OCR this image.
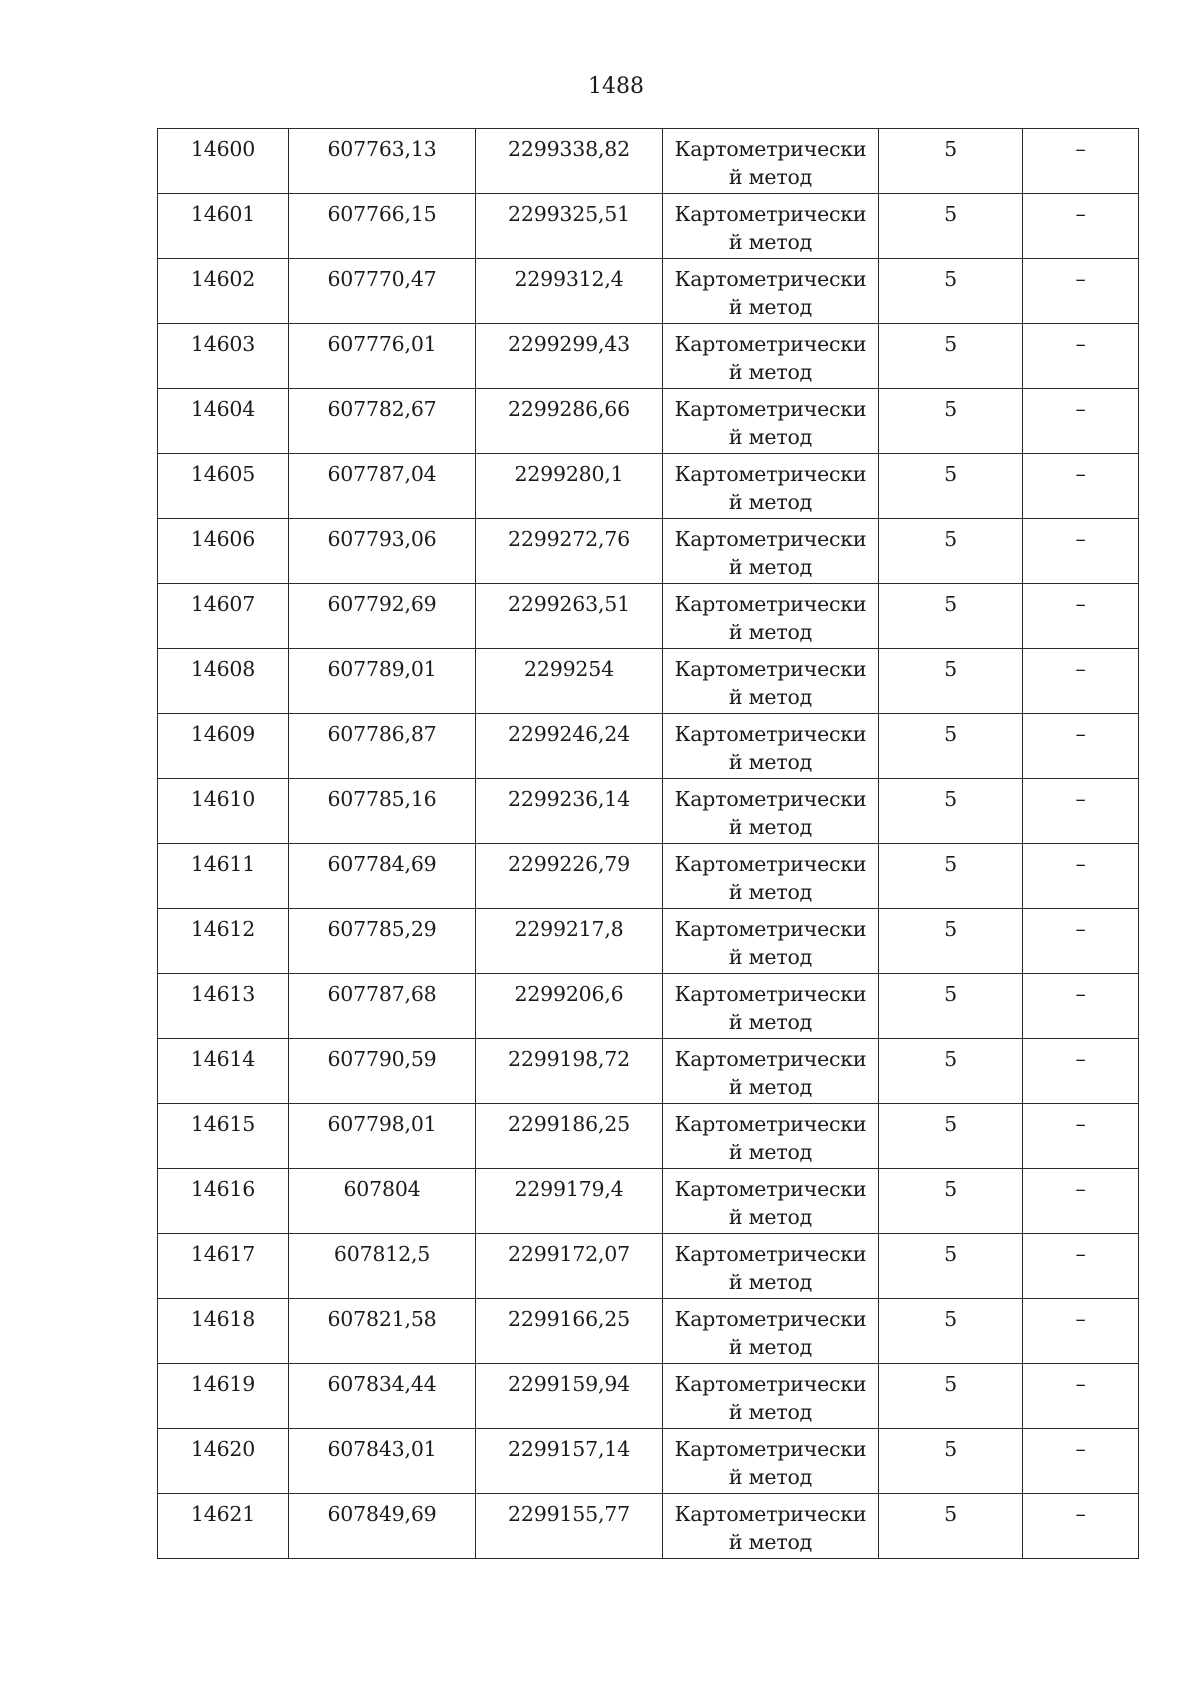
1488
14600	607763,13	2299338,82	Картометрически й метод	5	–
14601	607766,15	2299325,51	Картометрически й метод	5	–
14602	607770,47	2299312,4	Картометрически й метод	5	–
14603	607776,01	2299299,43	Картометрически й метод	5	–
14604	607782,67	2299286,66	Картометрически й метод	5	–
14605	607787,04	2299280,1	Картометрически й метод	5	–
14606	607793,06	2299272,76	Картометрически й метод	5	–
14607	607792,69	2299263,51	Картометрически й метод	5	–
14608	607789,01	2299254	Картометрически й метод	5	–
14609	607786,87	2299246,24	Картометрически й метод	5	–
14610	607785,16	2299236,14	Картометрически й метод	5	–
14611	607784,69	2299226,79	Картометрически й метод	5	–
14612	607785,29	2299217,8	Картометрически й метод	5	–
14613	607787,68	2299206,6	Картометрически й метод	5	–
14614	607790,59	2299198,72	Картометрически й метод	5	–
14615	607798,01	2299186,25	Картометрически й метод	5	–
14616	607804	2299179,4	Картометрически й метод	5	–
14617	607812,5	2299172,07	Картометрически й метод	5	–
14618	607821,58	2299166,25	Картометрически й метод	5	–
14619	607834,44	2299159,94	Картометрически й метод	5	–
14620	607843,01	2299157,14	Картометрически й метод	5	–
14621	607849,69	2299155,77	Картометрически й метод	5	–
